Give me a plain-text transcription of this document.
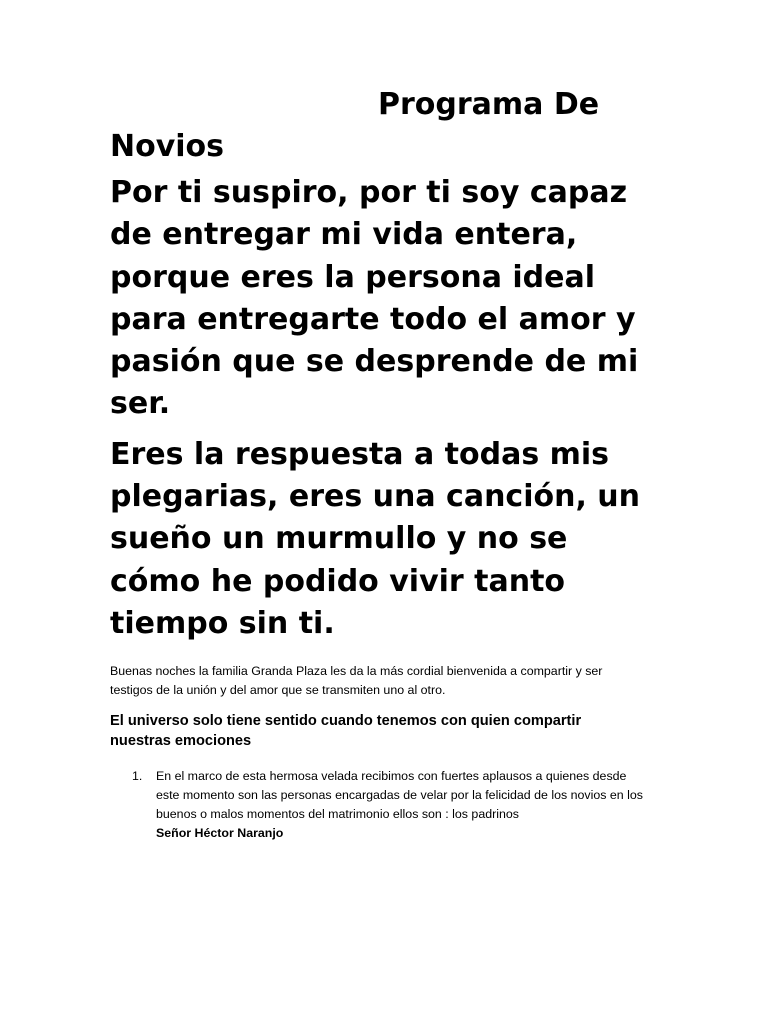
Programa De Novios

Por ti suspiro, por ti soy capaz de entregar mi vida entera, porque eres la persona ideal para entregarte todo el amor y pasión que se desprende de mi ser.

Eres la respuesta a todas mis plegarias, eres una canción, un sueño un murmullo y no se cómo he podido vivir tanto tiempo sin ti.

Buenas noches la familia Granda Plaza les da la más cordial bienvenida a compartir y ser testigos de la unión y del amor que se transmiten uno al otro.

El universo solo tiene sentido cuando tenemos con quien compartir nuestras emociones

1. En el marco de esta hermosa velada recibimos con fuertes aplausos a quienes desde este momento son las personas encargadas de velar por la felicidad de los novios en los buenos o malos momentos del matrimonio ellos son : los padrinos
Señor Héctor Naranjo
